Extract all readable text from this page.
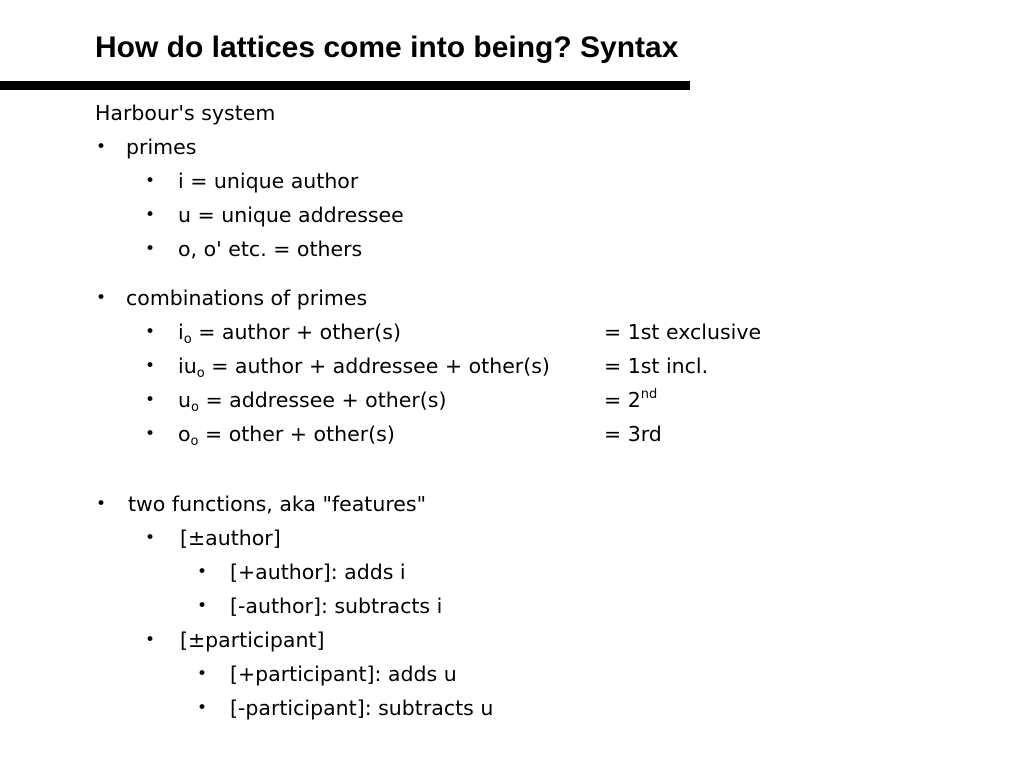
How do lattices come into being? Syntax
Harbour's system
• primes
• i = unique author
• u = unique addressee
• o, o' etc. = others
• combinations of primes
• $i_o$ = author + other(s)	= 1st exclusive
• $iu_o$ = author + addressee + other(s)	= 1st incl.
• $u_o$ = addressee + other(s)	= 2nd
• $o_o$ = other + other(s)	= 3rd
• two functions, aka "features"
• [±author]
• [+author]: adds i
• [-author]: subtracts i
• [±participant]
• [+participant]: adds u
• [-participant]: subtracts u
